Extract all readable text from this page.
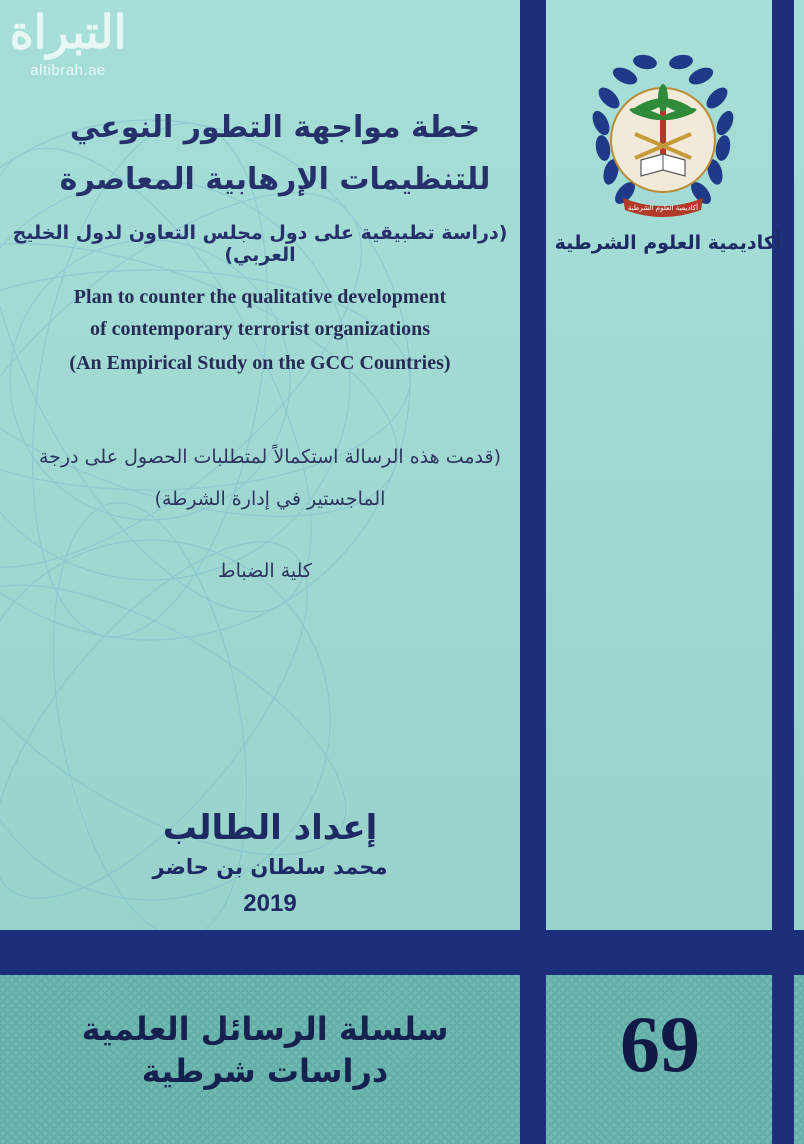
التبراة
altibrah.ae
أكاديمية العلوم الشرطية
أكاديمية العلوم الشرطية
خطة مواجهة التطور النوعي
للتنظيمات الإرهابية المعاصرة
(دراسة تطبيقية على دول مجلس التعاون لدول الخليج العربي)
Plan to counter the qualitative development
of contemporary terrorist organizations
(An Empirical Study on the GCC Countries)
(قدمت هذه الرسالة استكمالاً لمتطلبات الحصول على درجة
الماجستير في إدارة الشرطة)
كلية الضباط
إعداد الطالب
محمد سلطان بن حاضر
2019
سلسلة الرسائل العلمية
دراسات شرطية	69
